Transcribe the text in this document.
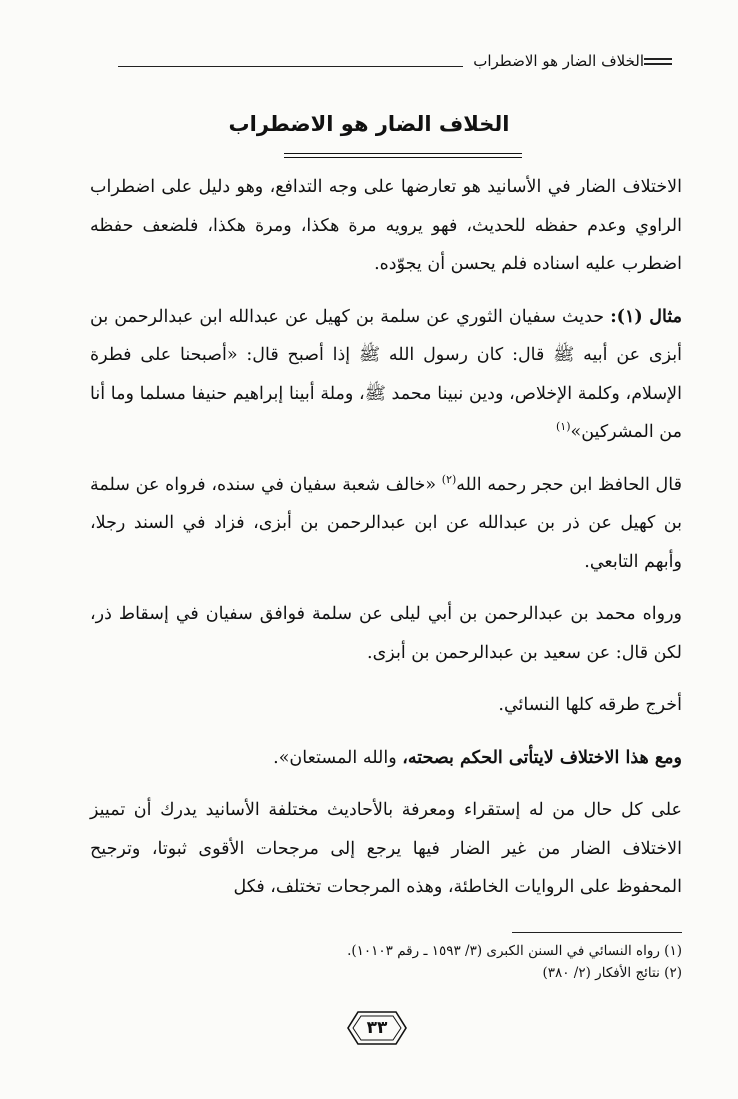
الخلاف الضار هو الاضطراب
الخلاف الضار هو الاضطراب

الاختلاف الضار في الأسانيد هو تعارضها على وجه التدافع، وهو دليل على اضطراب الراوي وعدم حفظه للحديث، فهو يرويه مرة هكذا، ومرة هكذا، فلضعف حفظه اضطرب عليه اسناده فلم يحسن أن يجوّده.

مثال (١): حديث سفيان الثوري عن سلمة بن كهيل عن عبدالله ابن عبدالرحمن بن أبزى عن أبيه ﷺ قال: كان رسول الله ﷺ إذا أصبح قال: «أصبحنا على فطرة الإسلام، وكلمة الإخلاص، ودين نبينا محمد ﷺ، وملة أبينا إبراهيم حنيفا مسلما وما أنا من المشركين»$^{(١)}$

قال الحافظ ابن حجر رحمه الله$^{(٢)}$ «خالف شعبة سفيان في سنده، فرواه عن سلمة بن كهيل عن ذر بن عبدالله عن ابن عبدالرحمن بن أبزى، فزاد في السند رجلا، وأبهم التابعي.

ورواه محمد بن عبدالرحمن بن أبي ليلى عن سلمة فوافق سفيان في إسقاط ذر، لكن قال: عن سعيد بن عبدالرحمن بن أبزى.

أخرج طرقه كلها النسائي.

ومع هذا الاختلاف لايتأتى الحكم بصحته، والله المستعان».

على كل حال من له إستقراء ومعرفة بالأحاديث مختلفة الأسانيد يدرك أن تمييز الاختلاف الضار من غير الضار فيها يرجع إلى مرجحات الأقوى ثبوتا، وترجيح المحفوظ على الروايات الخاطئة، وهذه المرجحات تختلف، فكل

(١) رواه النسائي في السنن الكبرى (٣/ ١٥٩٣ ـ رقم ١٠١٠٣).
(٢) نتائج الأفكار (٢/ ٣٨٠)
٣٣
